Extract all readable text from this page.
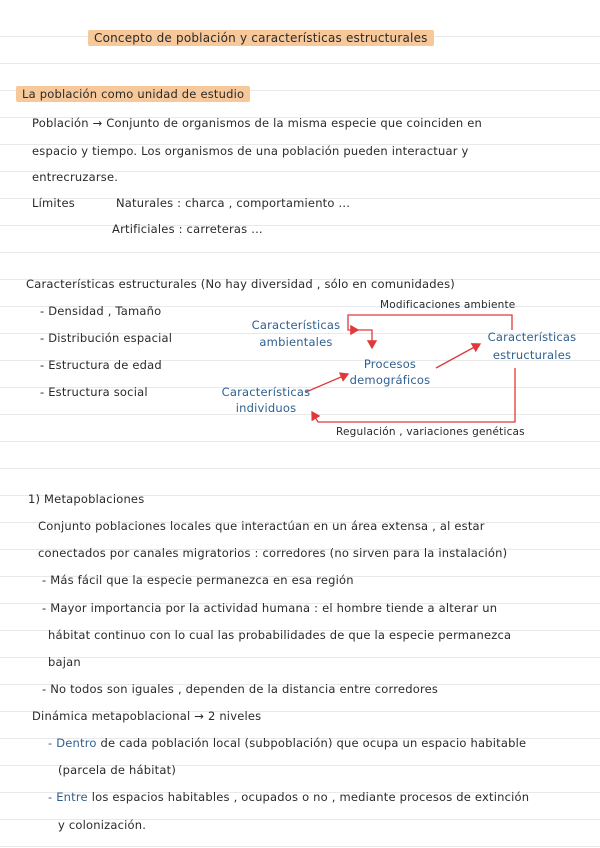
Concepto de población y características estructurales
La población como unidad de estudio
Población → Conjunto de organismos de la misma especie que coinciden en
espacio y tiempo. Los organismos de una población pueden interactuar y
entrecruzarse.
Límites	Naturales : charca , comportamiento ...
Artificiales : carreteras ...
Características estructurales (No hay diversidad , sólo en comunidades)
- Densidad , Tamaño
- Distribución espacial
- Estructura de edad
- Estructura social
Modificaciones ambiente
Características
ambientales
Procesos
demográficos
Características
estructurales
Características
individuos
Regulación , variaciones genéticas
1) Metapoblaciones
Conjunto poblaciones locales que interactúan en un área extensa , al estar
conectados por canales migratorios : corredores (no sirven para la instalación)
- Más fácil que la especie permanezca en esa región
- Mayor importancia por la actividad humana : el hombre tiende a alterar un
hábitat continuo con lo cual las probabilidades de que la especie permanezca
bajan
- No todos son iguales , dependen de la distancia entre corredores
Dinámica metapoblacional → 2 niveles
- Dentro de cada población local (subpoblación) que ocupa un espacio habitable
(parcela de hábitat)
- Entre los espacios habitables , ocupados o no , mediante procesos de extinción
y colonización.
